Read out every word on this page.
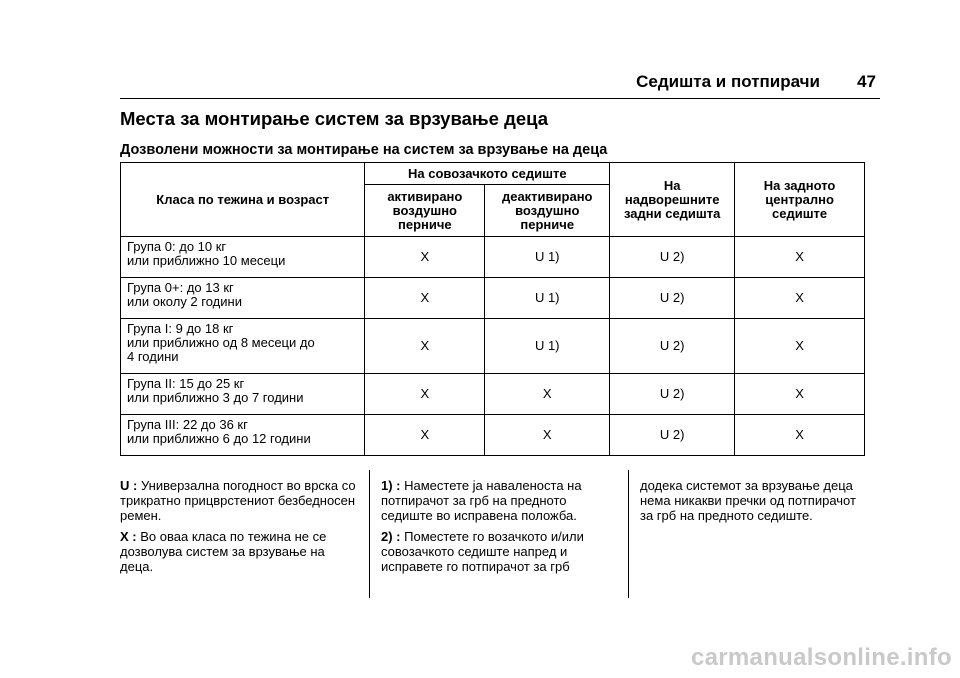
Седишта и потпирачи 47
Места за монтирање систем за врзување деца
Дозволени можности за монтирање на систем за врзување на деца
Класа по тежина и возраст	На совозачкото седиште		На надворешните задни седишта	На задното централно седиште
	активирано воздушно перниче	деактивирано воздушно перниче		
Група 0: до 10 кг
или приближно 10 месеци	X	U 1)	U 2)	X
Група 0+: до 13 кг
или околу 2 години	X	U 1)	U 2)	X
Група I: 9 до 18 кг
или приближно од 8 месеци до
4 години	X	U 1)	U 2)	X
Група II: 15 до 25 кг
или приближно 3 до 7 години	X	X	U 2)	X
Група III: 22 до 36 кг
или приближно 6 до 12 години	X	X	U 2)	X

U : Универзална погодност во врска со трикратно прицврстениот безбедносен ремен.

X : Во оваа класа по тежина не се дозволува систем за врзување на деца.

1) : Наместете ја наваленоста на потпирачот за грб на предното седиште во исправена положба.

2) : Поместете го возачкото и/или совозачкото седиште напред и исправете го потпирачот за грб

додека системот за врзување деца нема никакви пречки од потпирачот за грб на предното седиште.

carmanualsonline.info
